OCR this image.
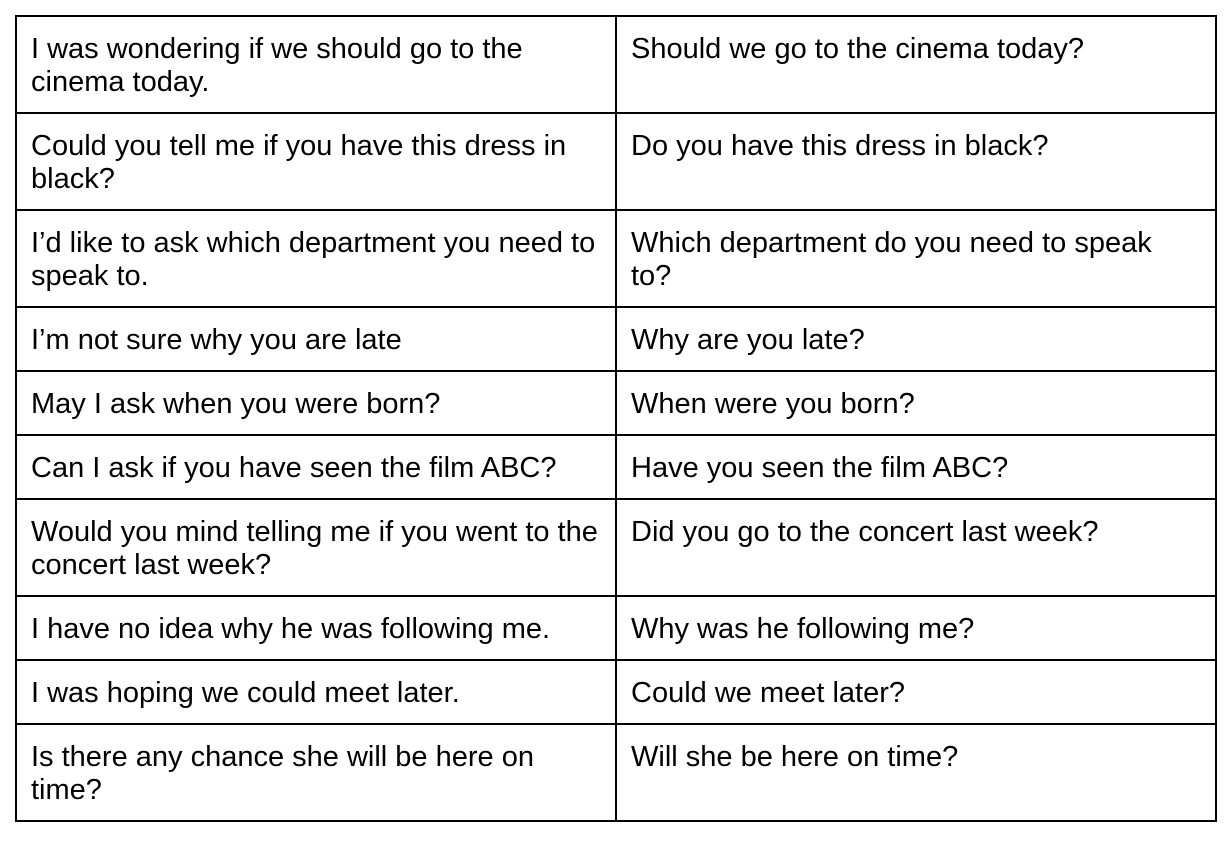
I was wondering if we should go to the cinema today.	Should we go to the cinema today?
Could you tell me if you have this dress in black?	Do you have this dress in black?
I’d like to ask which department you need to speak to.	Which department do you need to speak to?
I’m not sure why you are late	Why are you late?
May I ask when you were born?	When were you born?
Can I ask if you have seen the film ABC?	Have you seen the film ABC?
Would you mind telling me if you went to the concert last week?	Did you go to the concert last week?
I have no idea why he was following me.	Why was he following me?
I was hoping we could meet later.	Could we meet later?
Is there any chance she will be here on time?	Will she be here on time?
